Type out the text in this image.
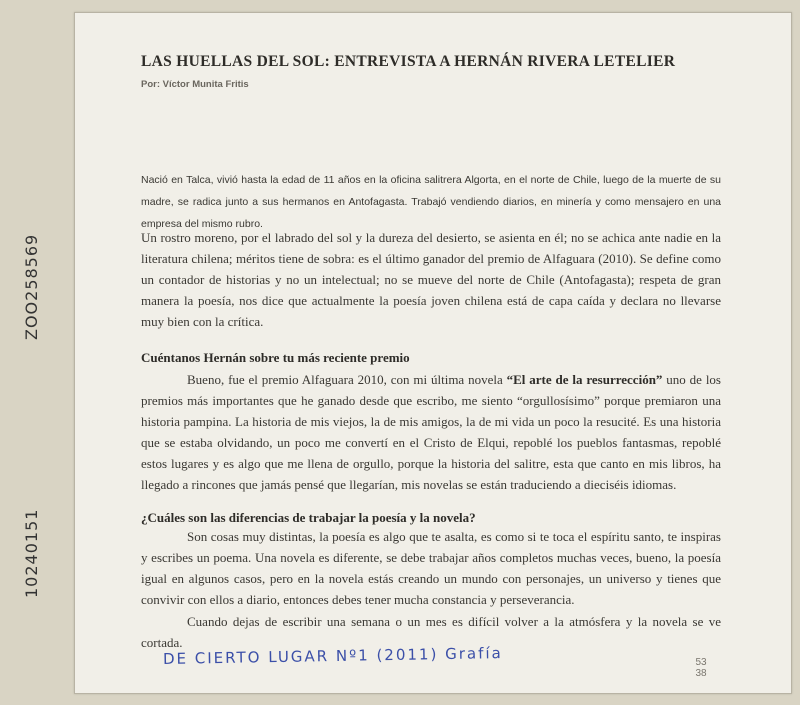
LAS HUELLAS DEL SOL: ENTREVISTA A HERNÁN RIVERA LETELIER
Por: Víctor Munita Fritis
Nació en Talca, vivió hasta la edad de 11 años en la oficina salitrera Algorta, en el norte de Chile, luego de la muerte de su madre, se radica junto a sus hermanos en Antofagasta. Trabajó vendiendo diarios, en minería y como mensajero en una empresa del mismo rubro.
Un rostro moreno, por el labrado del sol y la dureza del desierto, se asienta en él; no se achica ante nadie en la literatura chilena; méritos tiene de sobra: es el último ganador del premio de Alfaguara (2010). Se define como un contador de historias y no un intelectual; no se mueve del norte de Chile (Antofagasta); respeta de gran manera la poesía, nos dice que actualmente la poesía joven chilena está de capa caída y declara no llevarse muy bien con la crítica.
Cuéntanos Hernán sobre tu más reciente premio
Bueno, fue el premio Alfaguara 2010, con mi última novela “El arte de la resurrección” uno de los premios más importantes que he ganado desde que escribo, me siento “orgullosísimo” porque premiaron una historia pampina. La historia de mis viejos, la de mis amigos, la de mi vida un poco la resucité. Es una historia que se estaba olvidando, un poco me convertí en el Cristo de Elqui, repoblé los pueblos fantasmas, repoblé estos lugares y es algo que me llena de orgullo, porque la historia del salitre, esta que canto en mis libros, ha llegado a rincones que jamás pensé que llegarían, mis novelas se están traduciendo a dieciséis idiomas.
¿Cuáles son las diferencias de trabajar la poesía y la novela?
Son cosas muy distintas, la poesía es algo que te asalta, es como si te toca el espíritu santo, te inspiras y escribes un poema. Una novela es diferente, se debe trabajar años completos muchas veces, bueno, la poesía igual en algunos casos, pero en la novela estás creando un mundo con personajes, un universo y tienes que convivir con ellos a diario, entonces debes tener mucha constancia y perseverancia.
Cuando dejas de escribir una semana o un mes es difícil volver a la atmósfera y la novela se ve cortada.
DE CIERTO LUGAR Nº1 (2011) Grafía	53
38
ZOO258569
10240151
